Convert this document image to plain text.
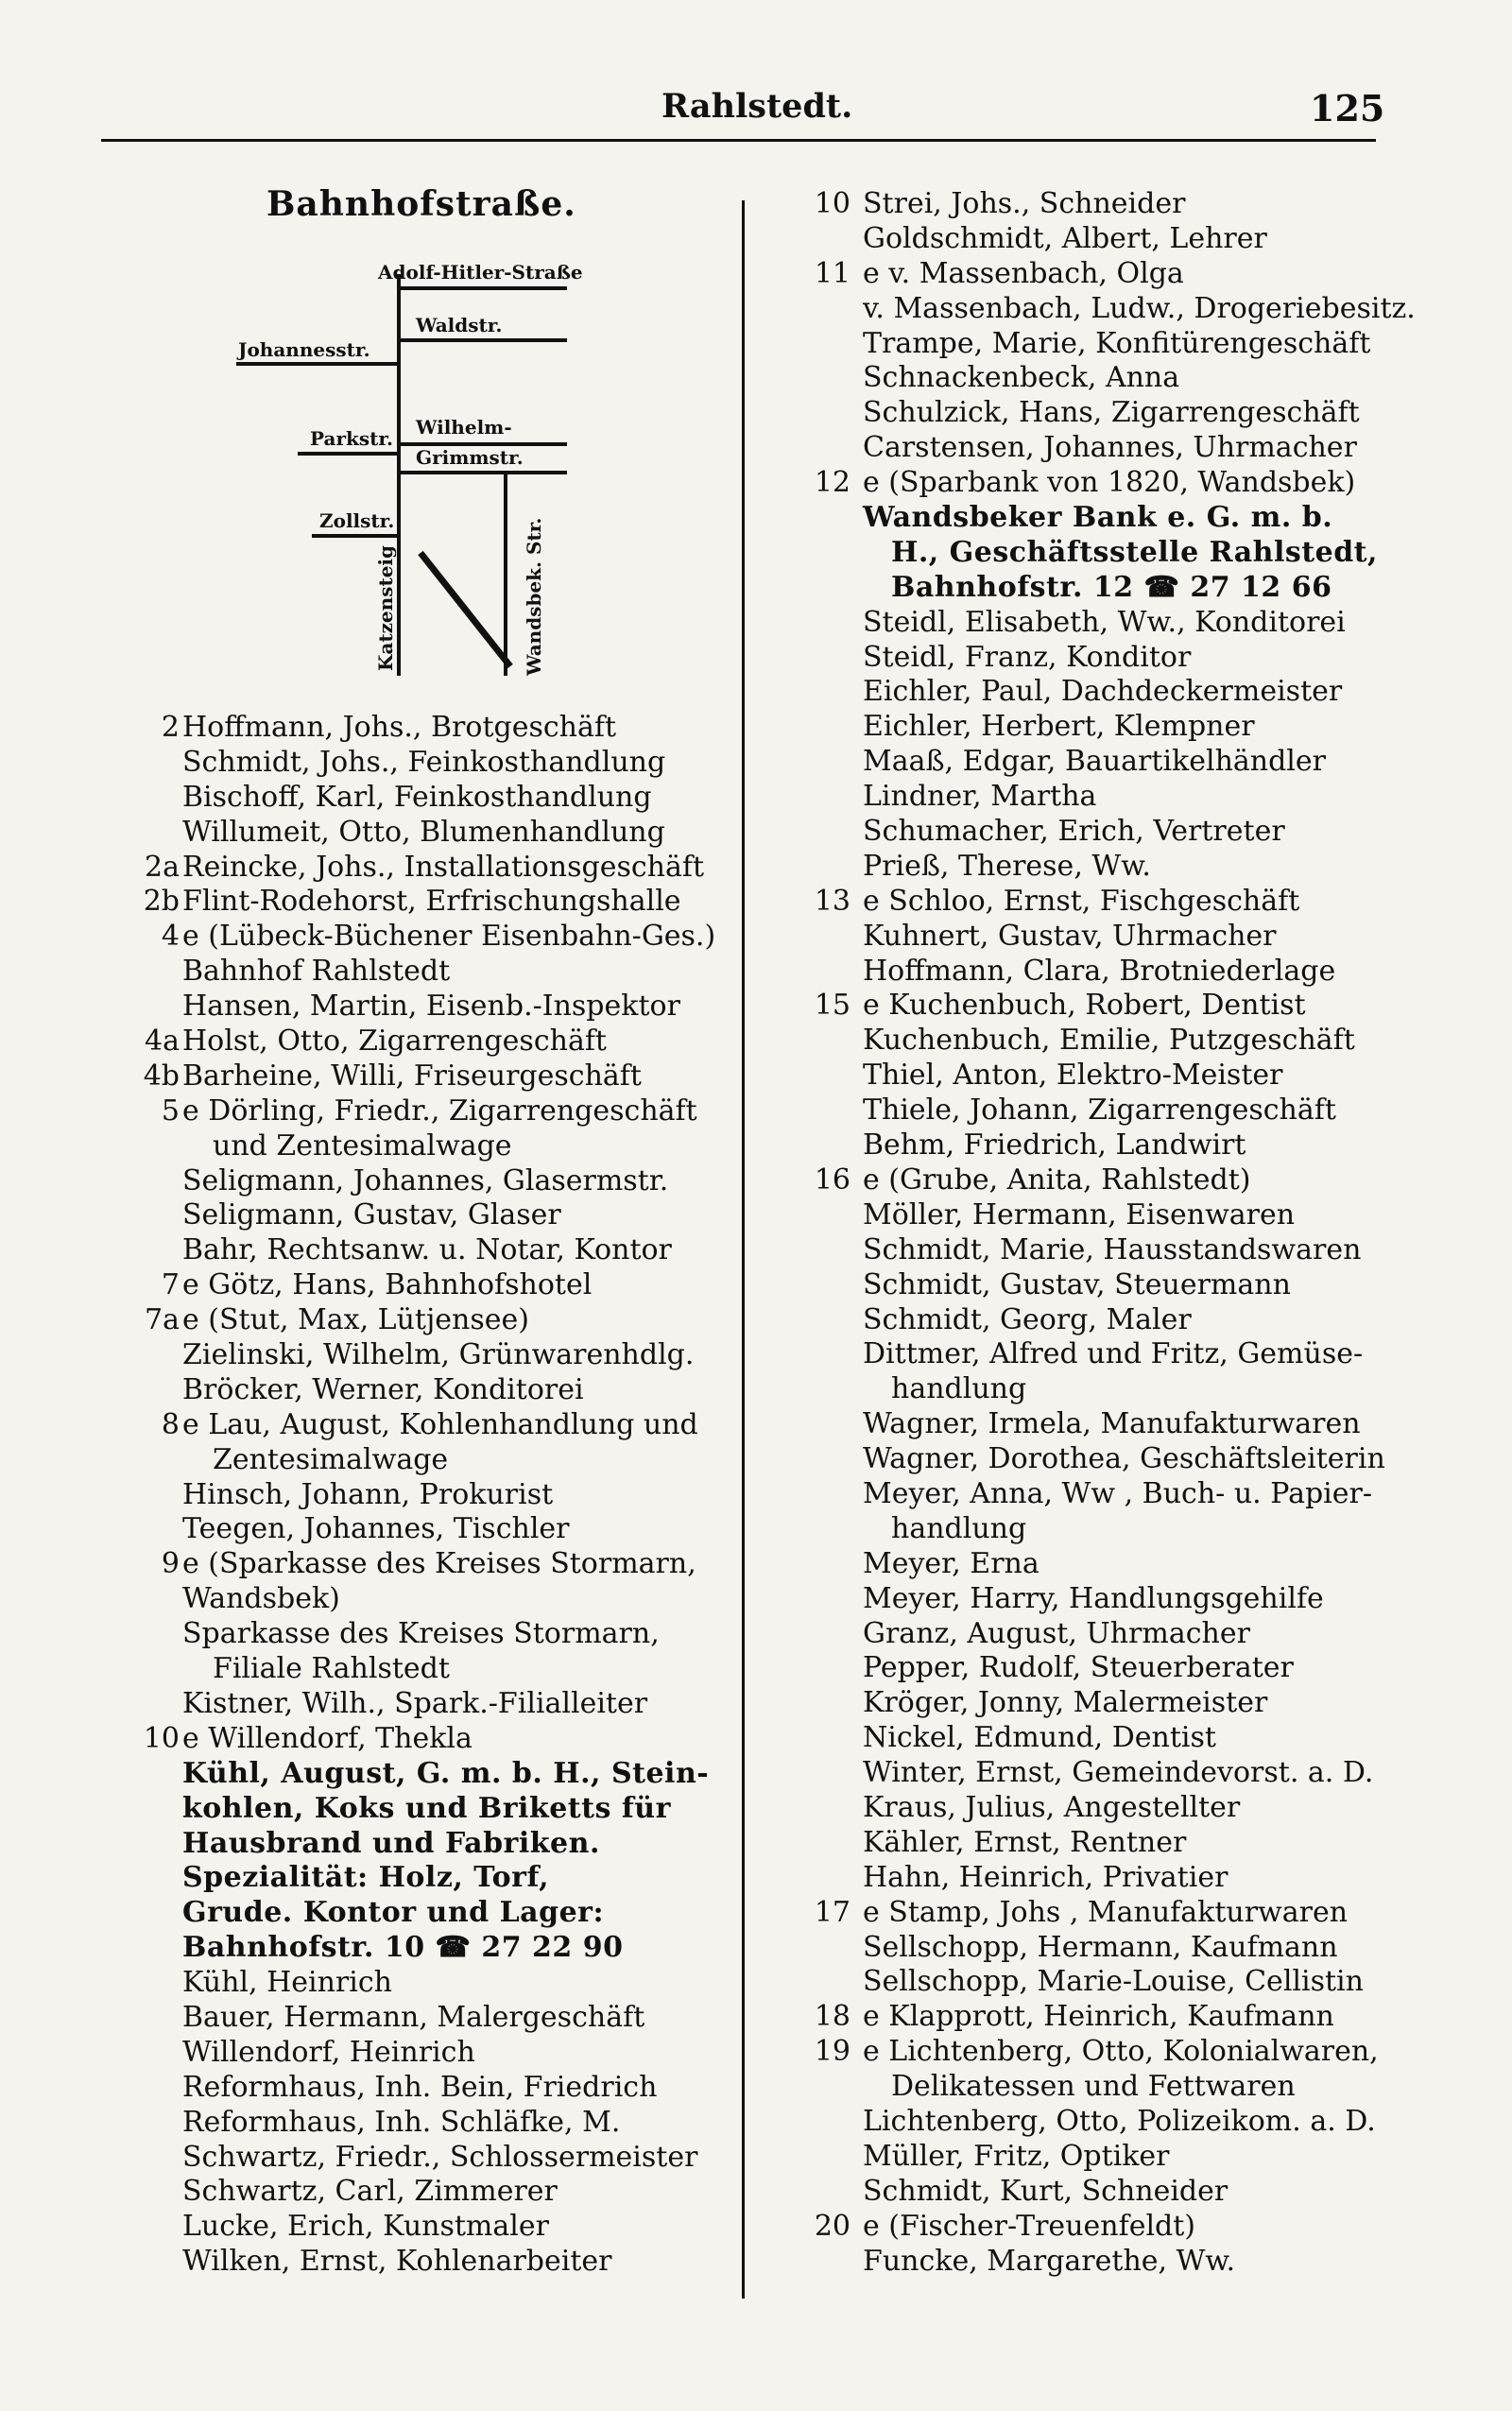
Rahlstedt.	125
Bahnhofstraße.
Adolf-Hitler-Straße
Waldstr.
Johannesstr.
Parkstr. Wilhelm-
Grimmstr.
Zollstr.
Katzensteig	Wandsbek. Str.
2 Hoffmann, Johs., Brotgeschäft
Schmidt, Johs., Feinkosthandlung
Bischoff, Karl, Feinkosthandlung
Willumeit, Otto, Blumenhandlung
2a Reincke, Johs., Installationsgeschäft
2b Flint-Rodehorst, Erfrischungshalle
4 e (Lübeck-Büchener Eisenbahn-Ges.)
Bahnhof Rahlstedt
Hansen, Martin, Eisenb.-Inspektor
4a Holst, Otto, Zigarrengeschäft
4b Barheine, Willi, Friseurgeschäft
5 e Dörling, Friedr., Zigarrengeschäft
und Zentesimalwage
Seligmann, Johannes, Glasermstr.
Seligmann, Gustav, Glaser
Bahr, Rechtsanw. u. Notar, Kontor
7 e Götz, Hans, Bahnhofshotel
7a e (Stut, Max, Lütjensee)
Zielinski, Wilhelm, Grünwarenhdlg.
Bröcker, Werner, Konditorei
8 e Lau, August, Kohlenhandlung und
Zentesimalwage
Hinsch, Johann, Prokurist
Teegen, Johannes, Tischler
9 e (Sparkasse des Kreises Stormarn,
Wandsbek)
Sparkasse des Kreises Stormarn,
Filiale Rahlstedt
Kistner, Wilh., Spark.-Filialleiter
10 e Willendorf, Thekla
Kühl, August, G. m. b. H., Stein-
kohlen, Koks und Briketts für
Hausbrand und Fabriken.
Spezialität: Holz, Torf,
Grude. Kontor und Lager:
Bahnhofstr. 10 ☎ 27 22 90
Kühl, Heinrich
Bauer, Hermann, Malergeschäft
Willendorf, Heinrich
Reformhaus, Inh. Bein, Friedrich
Reformhaus, Inh. Schläfke, M.
Schwartz, Friedr., Schlossermeister
Schwartz, Carl, Zimmerer
Lucke, Erich, Kunstmaler
Wilken, Ernst, Kohlenarbeiter
10 Strei, Johs., Schneider
Goldschmidt, Albert, Lehrer
11 e v. Massenbach, Olga
v. Massenbach, Ludw., Drogeriebesitz.
Trampe, Marie, Konfitürengeschäft
Schnackenbeck, Anna
Schulzick, Hans, Zigarrengeschäft
Carstensen, Johannes, Uhrmacher
12 e (Sparbank von 1820, Wandsbek)
Wandsbeker Bank e. G. m. b.
H., Geschäftsstelle Rahlstedt,
Bahnhofstr. 12 ☎ 27 12 66
Steidl, Elisabeth, Ww., Konditorei
Steidl, Franz, Konditor
Eichler, Paul, Dachdeckermeister
Eichler, Herbert, Klempner
Maaß, Edgar, Bauartikelhändler
Lindner, Martha
Schumacher, Erich, Vertreter
Prieß, Therese, Ww.
13 e Schloo, Ernst, Fischgeschäft
Kuhnert, Gustav, Uhrmacher
Hoffmann, Clara, Brotniederlage
15 e Kuchenbuch, Robert, Dentist
Kuchenbuch, Emilie, Putzgeschäft
Thiel, Anton, Elektro-Meister
Thiele, Johann, Zigarrengeschäft
Behm, Friedrich, Landwirt
16 e (Grube, Anita, Rahlstedt)
Möller, Hermann, Eisenwaren
Schmidt, Marie, Hausstandswaren
Schmidt, Gustav, Steuermann
Schmidt, Georg, Maler
Dittmer, Alfred und Fritz, Gemüse-
handlung
Wagner, Irmela, Manufakturwaren
Wagner, Dorothea, Geschäftsleiterin
Meyer, Anna, Ww , Buch- u. Papier-
handlung
Meyer, Erna
Meyer, Harry, Handlungsgehilfe
Granz, August, Uhrmacher
Pepper, Rudolf, Steuerberater
Kröger, Jonny, Malermeister
Nickel, Edmund, Dentist
Winter, Ernst, Gemeindevorst. a. D.
Kraus, Julius, Angestellter
Kähler, Ernst, Rentner
Hahn, Heinrich, Privatier
17 e Stamp, Johs , Manufakturwaren
Sellschopp, Hermann, Kaufmann
Sellschopp, Marie-Louise, Cellistin
18 e Klapprott, Heinrich, Kaufmann
19 e Lichtenberg, Otto, Kolonialwaren,
Delikatessen und Fettwaren
Lichtenberg, Otto, Polizeikom. a. D.
Müller, Fritz, Optiker
Schmidt, Kurt, Schneider
20 e (Fischer-Treuenfeldt)
Funcke, Margarethe, Ww.
